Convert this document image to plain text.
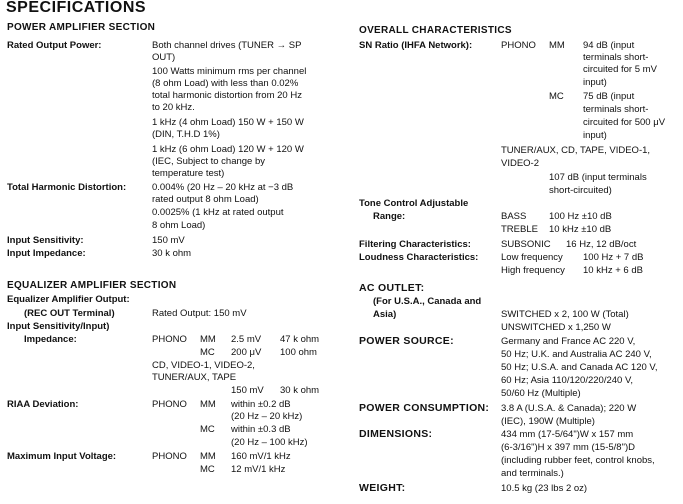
SPECIFICATIONS
POWER AMPLIFIER SECTION
Rated Output Power:	Both channel drives (TUNER → SP
OUT)
100 Watts minimum rms per channel
(8 ohm Load) with less than 0.02%
total harmonic distortion from 20 Hz
to 20 kHz.
1 kHz (4 ohm Load) 150 W + 150 W
(DIN, T.H.D 1%)
1 kHz (6 ohm Load) 120 W + 120 W
(IEC, Subject to change by
temperature test)
Total Harmonic Distortion:	0.004% (20 Hz – 20 kHz at −3 dB
rated output 8 ohm Load)
0.0025% (1 kHz at rated output
8 ohm Load)
Input Sensitivity:	150 mV
Input Impedance:	30 k ohm
EQUALIZER AMPLIFIER SECTION
Equalizer Amplifier Output:
(REC OUT Terminal)	Rated Output: 150 mV
Input Sensitivity/Input)
Impedance:	PHONO MM 2.5 mV 47 k ohm
MC 200 μV 100 ohm
CD, VIDEO-1, VIDEO-2,
TUNER/AUX, TAPE
150 mV 30 k ohm
RIAA Deviation:	PHONO MM within ±0.2 dB
(20 Hz – 20 kHz)
MC within ±0.3 dB
(20 Hz – 100 kHz)
Maximum Input Voltage:	PHONO MM 160 mV/1 kHz
MC 12 mV/1 kHz
OVERALL CHARACTERISTICS
SN Ratio (IHFA Network):	PHONO MM 94 dB (input
terminals short-
circuited for 5 mV
input)
MC 75 dB (input
terminals short-
circuited for 500 μV
input)
TUNER/AUX, CD, TAPE, VIDEO-1,
VIDEO-2
107 dB (input terminals
short-circuited)
Tone Control Adjustable
Range:	BASS 100 Hz ±10 dB
TREBLE 10 kHz ±10 dB
Filtering Characteristics:	SUBSONIC 16 Hz, 12 dB/oct
Loudness Characteristics: Low frequency 100 Hz + 7 dB
High frequency 10 kHz + 6 dB
AC OUTLET:
(For U.S.A., Canada and
Asia)	SWITCHED x 2, 100 W (Total)
UNSWITCHED x 1,250 W
POWER SOURCE:	Germany and France AC 220 V,
50 Hz; U.K. and Australia AC 240 V,
50 Hz; U.S.A. and Canada AC 120 V,
60 Hz; Asia 110/120/220/240 V,
50/60 Hz (Multiple)
POWER CONSUMPTION: 3.8 A (U.S.A. & Canada); 220 W
(IEC), 190W (Multiple)
DIMENSIONS:	434 mm (17-5/64")W x 157 mm
(6-3/16")H x 397 mm (15-5/8")D
(including rubber feet, control knobs,
and terminals.)
WEIGHT:	10.5 kg (23 lbs 2 oz)
